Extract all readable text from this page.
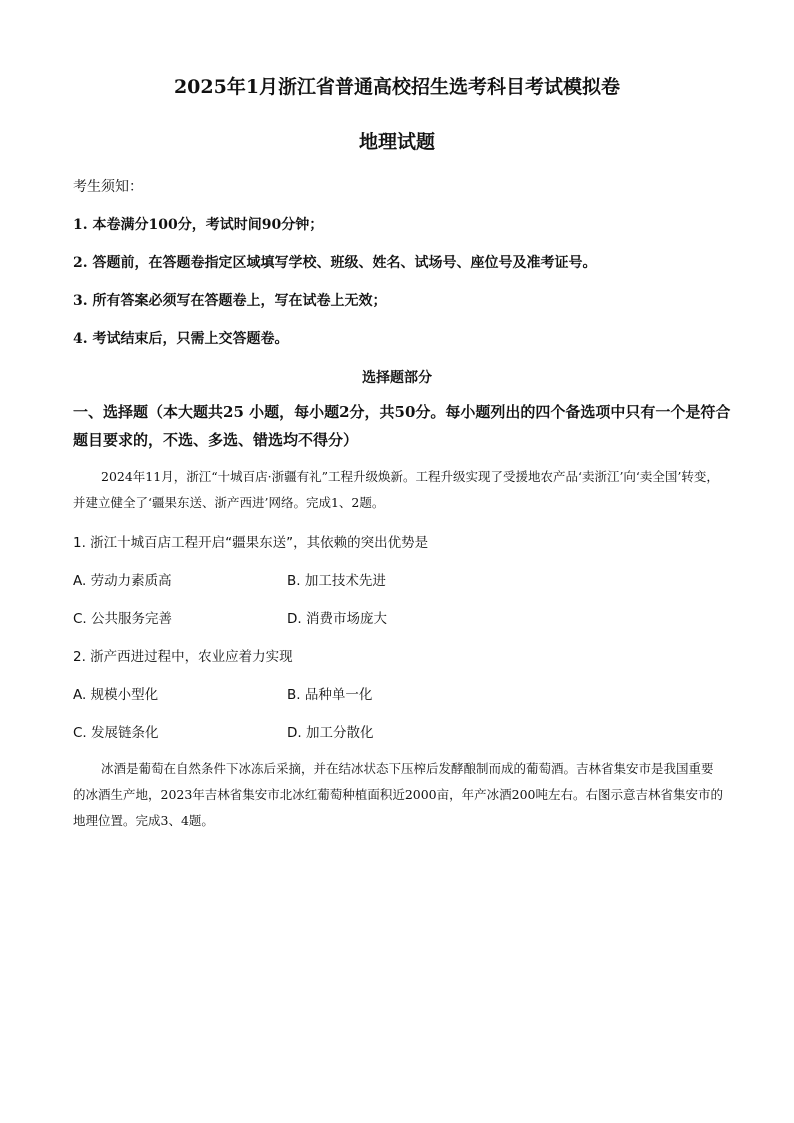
2025年1月浙江省普通高校招生选考科目考试模拟卷
地理试题
考生须知：
1. 本卷满分100分，考试时间90分钟；
2. 答题前，在答题卷指定区域填写学校、班级、姓名、试场号、座位号及准考证号。
3. 所有答案必须写在答题卷上，写在试卷上无效；
4. 考试结束后，只需上交答题卷。
选择题部分
一、选择题（本大题共25 小题，每小题2分，共50分。每小题列出的四个备选项中只有一个是符合题目要求的，不选、多选、错选均不得分）
2024年11月，浙江“十城百店·浙疆有礼”工程升级焕新。工程升级实现了受援地农产品‘卖浙江’向‘卖全国’转变，并建立健全了‘疆果东送、浙产西进’网络。完成1、2题。
1. 浙江十城百店工程开启“疆果东送”，其依赖的突出优势是
A. 劳动力素质高	B. 加工技术先进
C. 公共服务完善	D. 消费市场庞大
2. 浙产西进过程中，农业应着力实现
A. 规模小型化	B. 品种单一化
C. 发展链条化	D. 加工分散化
冰酒是葡萄在自然条件下冰冻后采摘，并在结冰状态下压榨后发酵酿制而成的葡萄酒。吉林省集安市是我国重要的冰酒生产地，2023年吉林省集安市北冰红葡萄种植面积近2000亩，年产冰酒200吨左右。右图示意吉林省集安市的地理位置。完成3、4题。
